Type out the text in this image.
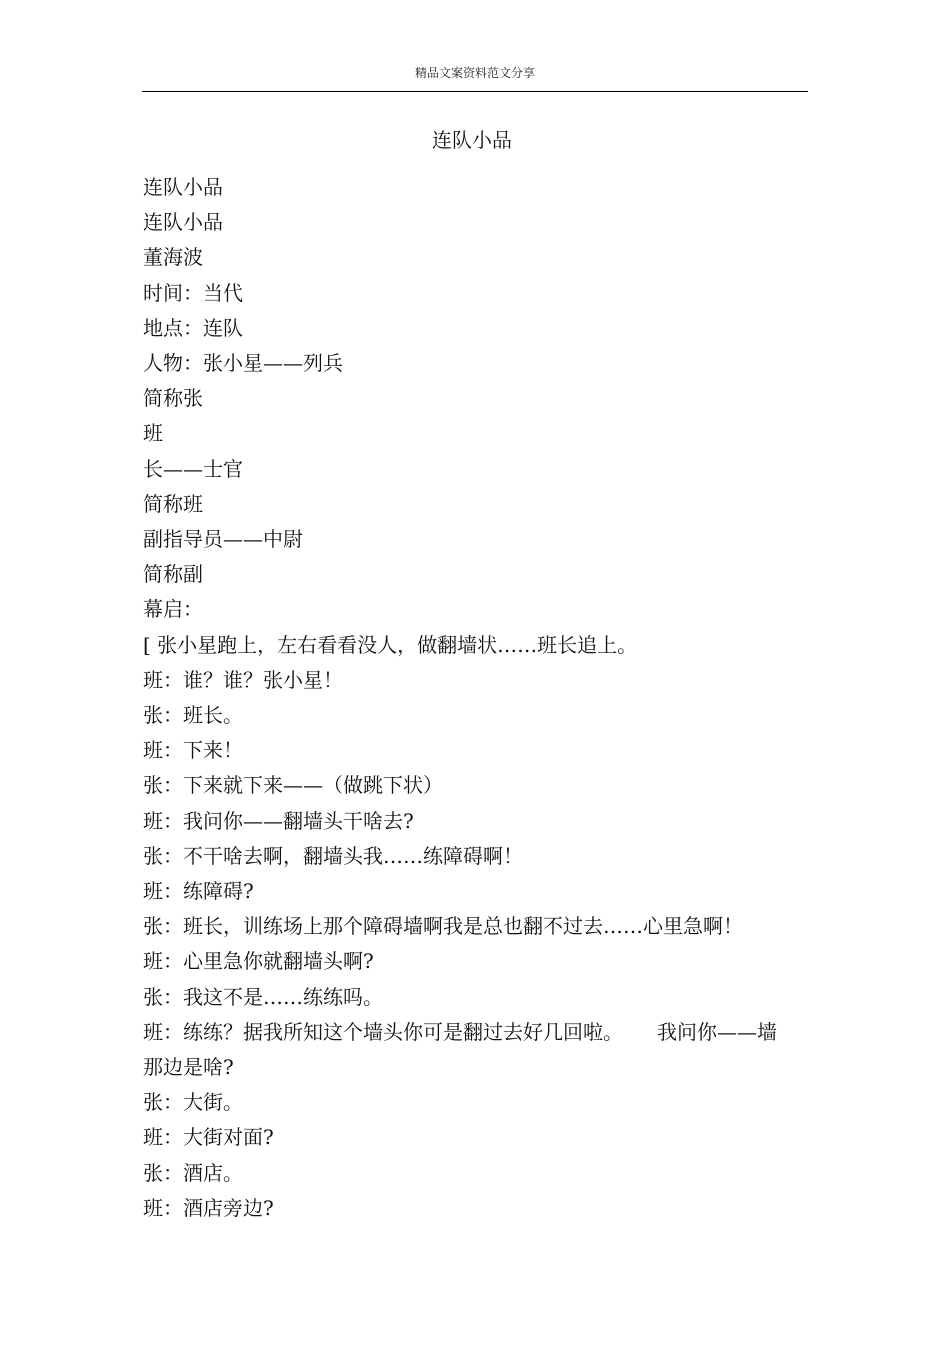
精品文案资料范文分享
连队小品
连队小品
连队小品
董海波
时间：当代
地点：连队
人物：张小星——列兵
简称张
班
长——士官
简称班
副指导员——中尉
简称副
幕启：
[ 张小星跑上，左右看看没人，做翻墙状……班长追上。
班：谁？谁？张小星！
张：班长。
班：下来！
张：下来就下来——（做跳下状）
班：我问你——翻墙头干啥去?
张：不干啥去啊，翻墙头我……练障碍啊！
班：练障碍?
张：班长，训练场上那个障碍墙啊我是总也翻不过去……心里急啊！
班：心里急你就翻墙头啊?
张：我这不是……练练吗。
班：练练？据我所知这个墙头你可是翻过去好几回啦。 我问你——墙
那边是啥?
张：大街。
班：大街对面?
张：酒店。
班：酒店旁边?
